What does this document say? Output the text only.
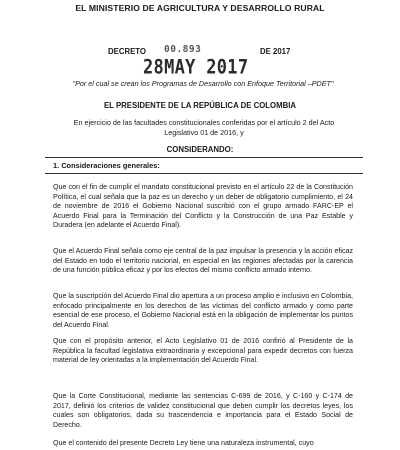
EL MINISTERIO DE AGRICULTURA Y DESARROLLO RURAL
DECRETO 00.893	DE 2017
28MAY 2017
"Por el cual se crean los Programas de Desarrollo con Enfoque Territorial –PDET"
EL PRESIDENTE DE LA REPÚBLICA DE COLOMBIA
En ejercicio de las facultades constitucionales conferidas por el artículo 2 del Acto Legislativo 01 de 2016, y
CONSIDERANDO:
1. Consideraciones generales:
Que con el fin de cumplir el mandato constitucional previsto en el artículo 22 de la Constitución Política, el cual señala que la paz es un derecho y un deber de obligatorio cumplimiento, el 24 de noviembre de 2016 el Gobierno Nacional suscribió con el grupo armado FARC-EP el Acuerdo Final para la Terminación del Conflicto y la Construcción de una Paz Estable y Duradera (en adelante el Acuerdo Final).
Que el Acuerdo Final señala como eje central de la paz impulsar la presencia y la acción eficaz del Estado en todo el territorio nacional, en especial en las regiones afectadas por la carencia de una función pública eficaz y por los efectos del mismo conflicto armado interno.
Que la suscripción del Acuerdo Final dio apertura a un proceso amplio e inclusivo en Colombia, enfocado principalmente en los derechos de las víctimas del conflicto armado y como parte esencial de ese proceso, el Gobierno Nacional está en la obligación de implementar los puntos del Acuerdo Final.
Que con el propósito anterior, el Acto Legislativo 01 de 2016 confirió al Presidente de la República la facultad legislativa extraordinaria y excepcional para expedir decretos con fuerza material de ley orientadas a la implementación del Acuerdo Final.
Que la Corte Constitucional, mediante las sentencias C-699 de 2016, y C-160 y C-174 de 2017, definió los criterios de validez constitucional que deben cumplir los decretos leyes, los cuales son obligatorios, dada su trascendencia e importancia para el Estado Social de Derecho.
Que el contenido del presente Decreto Ley tiene una naturaleza instrumental, cuyo
